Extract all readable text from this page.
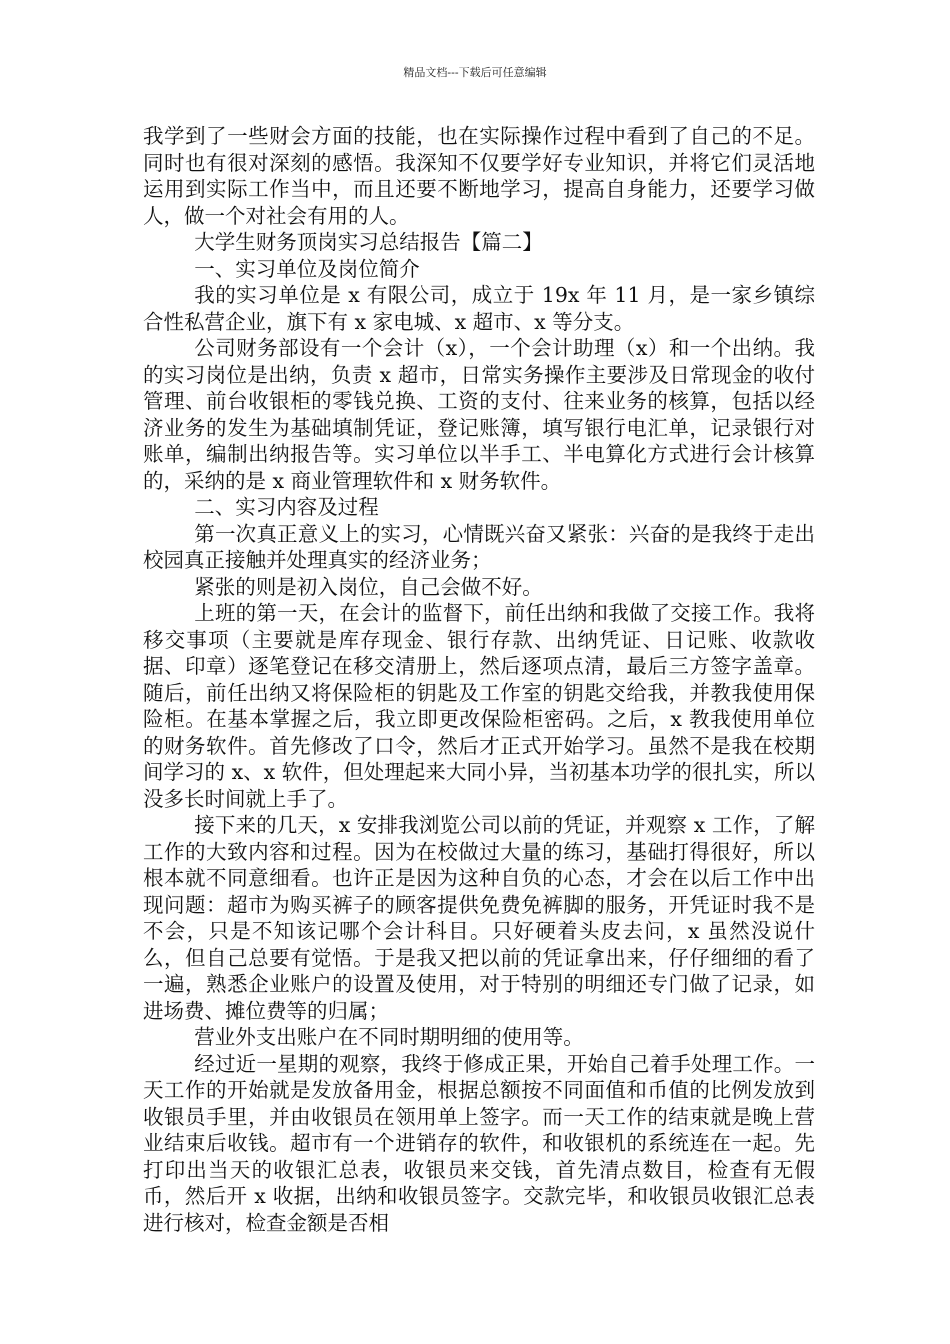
精品文档---下载后可任意编辑

我学到了一些财会方面的技能，也在实际操作过程中看到了自己的不足。同时也有很对深刻的感悟。我深知不仅要学好专业知识，并将它们灵活地运用到实际工作当中，而且还要不断地学习，提高自身能力，还要学习做人，做一个对社会有用的人。

大学生财务顶岗实习总结报告【篇二】

一、实习单位及岗位简介

我的实习单位是 x 有限公司，成立于 19x 年 11 月，是一家乡镇综合性私营企业，旗下有 x 家电城、x 超市、x 等分支。

公司财务部设有一个会计（x），一个会计助理（x）和一个出纳。我的实习岗位是出纳，负责 x 超市，日常实务操作主要涉及日常现金的收付管理、前台收银柜的零钱兑换、工资的支付、往来业务的核算，包括以经济业务的发生为基础填制凭证，登记账簿，填写银行电汇单，记录银行对账单，编制出纳报告等。实习单位以半手工、半电算化方式进行会计核算的，采纳的是 x 商业管理软件和 x 财务软件。

二、实习内容及过程

第一次真正意义上的实习，心情既兴奋又紧张：兴奋的是我终于走出校园真正接触并处理真实的经济业务；

紧张的则是初入岗位，自己会做不好。

上班的第一天，在会计的监督下，前任出纳和我做了交接工作。我将移交事项（主要就是库存现金、银行存款、出纳凭证、日记账、收款收据、印章）逐笔登记在移交清册上，然后逐项点清，最后三方签字盖章。随后，前任出纳又将保险柜的钥匙及工作室的钥匙交给我，并教我使用保险柜。在基本掌握之后，我立即更改保险柜密码。之后，x 教我使用单位的财务软件。首先修改了口令，然后才正式开始学习。虽然不是我在校期间学习的 x、x 软件，但处理起来大同小异，当初基本功学的很扎实，所以没多长时间就上手了。

接下来的几天，x 安排我浏览公司以前的凭证，并观察 x 工作，了解工作的大致内容和过程。因为在校做过大量的练习，基础打得很好，所以根本就不同意细看。也许正是因为这种自负的心态，才会在以后工作中出现问题：超市为购买裤子的顾客提供免费免裤脚的服务，开凭证时我不是不会，只是不知该记哪个会计科目。只好硬着头皮去问，x 虽然没说什么，但自己总要有觉悟。于是我又把以前的凭证拿出来，仔仔细细的看了一遍，熟悉企业账户的设置及使用，对于特别的明细还专门做了记录，如进场费、摊位费等的归属；

营业外支出账户在不同时期明细的使用等。

经过近一星期的观察，我终于修成正果，开始自己着手处理工作。一天工作的开始就是发放备用金，根据总额按不同面值和币值的比例发放到收银员手里，并由收银员在领用单上签字。而一天工作的结束就是晚上营业结束后收钱。超市有一个进销存的软件，和收银机的系统连在一起。先打印出当天的收银汇总表，收银员来交钱，首先清点数目，检查有无假币，然后开 x 收据，出纳和收银员签字。交款完毕，和收银员收银汇总表进行核对，检查金额是否相
